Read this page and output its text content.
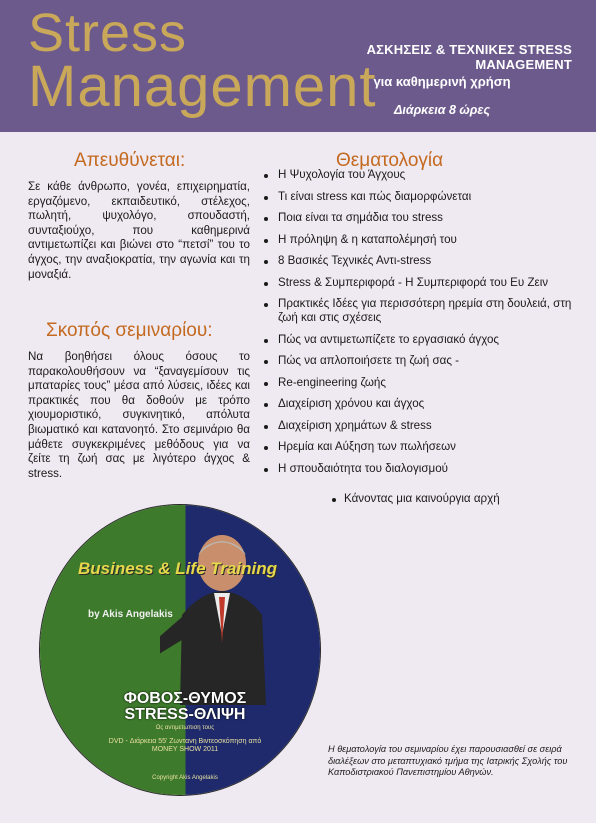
Stress
Management
ΑΣΚΗΣΕΙΣ & ΤΕΧΝΙΚΕΣ STRESS MANAGEMENT
για καθημερινή χρήση
Διάρκεια 8 ώρες
Απευθύνεται:
Σε κάθε άνθρωπο, γονέα, επιχειρηματία, εργαζόμενο, εκπαιδευτικό, στέλεχος, πωλητή, ψυχολόγο, σπουδαστή, συνταξιούχο, που καθημερινά αντιμετωπίζει και βιώνει στο “πετσί” του το άγχος, την αναξιοκρατία, την αγωνία και τη μοναξιά.
Σκοπός σεμιναρίου:
Να βοηθήσει όλους όσους το παρακολουθήσουν να “ξαναγεμίσουν τις μπαταρίες τους” μέσα από λύσεις, ιδέες και πρακτικές που θα δοθούν με τρόπο χιουμοριστικό, συγκινητικό, απόλυτα βιωματικό και κατανοητό. Στο σεμινάριο θα μάθετε συγκεκριμένες μεθόδους για να ζείτε τη ζωή σας με λιγότερο άγχος & stress.
Θεματολογία
Η Ψυχολογία του Άγχους
Τι είναι stress και πώς διαμορφώνεται
Ποια είναι τα σημάδια του stress
Η πρόληψη & η καταπολέμησή του
8 Βασικές Τεχνικές Αντι-stress
Stress & Συμπεριφορά - Η Συμπεριφορά του Ευ Ζειν
Πρακτικές Ιδέες για περισσότερη ηρεμία στη δουλειά, στη ζωή και στις σχέσεις
Πώς να αντιμετωπίζετε το εργασιακό άγχος
Πώς να απλοποιήσετε τη ζωή σας -
Re-engineering ζωής
Διαχείριση χρόνου και άγχος
Διαχείριση χρημάτων & stress
Ηρεμία και Αύξηση των πωλήσεων
Η σπουδαιότητα του διαλογισμού
Κάνοντας μια καινούργια αρχή
Business & Life Training
by Akis Angelakis
ΦΟΒΟΣ-ΘΥΜΟΣ STRESS-ΘΛΙΨΗ
Ως αντιμετωπιση τους
DVD - Διάρκεια 55' Ζωντανη Βιντεοσκόπηση από MONEY SHOW 2011
Copyright Akis Angelakis
Η θεματολογία του σεμιναρίου έχει παρουσιασθεί σε σειρά διαλέξεων στο μεταπτυχιακό τμήμα της Ιατρικής Σχολής του Καποδιστριακού Πανεπιστημίου Αθηνών.
